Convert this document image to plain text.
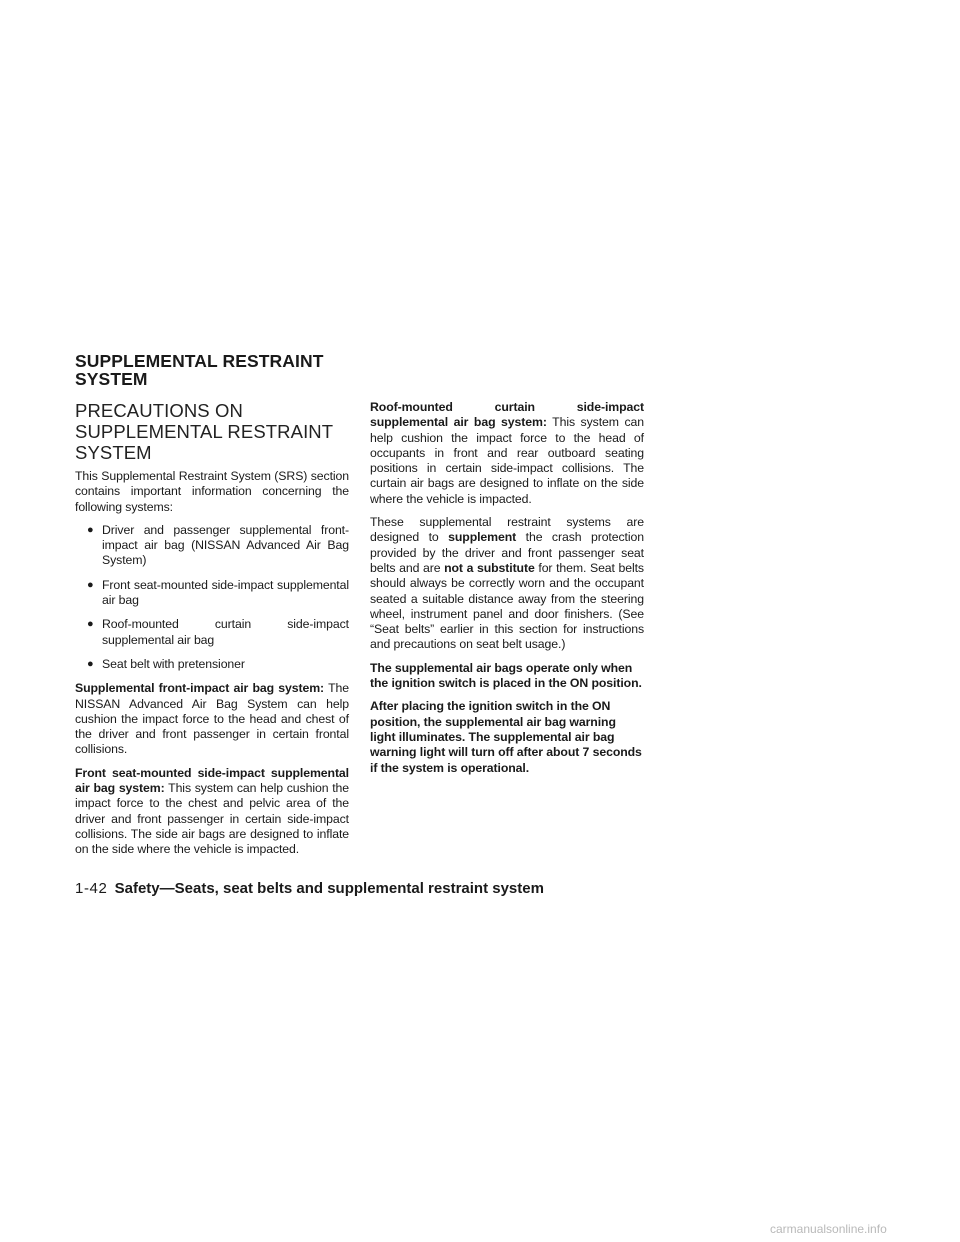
SUPPLEMENTAL RESTRAINT
SYSTEM
PRECAUTIONS ON
SUPPLEMENTAL RESTRAINT
SYSTEM

This Supplemental Restraint System (SRS) section contains important information concerning the following systems:

● Driver and passenger supplemental front-impact air bag (NISSAN Advanced Air Bag System)
● Front seat-mounted side-impact supplemental air bag
● Roof-mounted curtain side-impact supplemental air bag
● Seat belt with pretensioner

Supplemental front-impact air bag system: The NISSAN Advanced Air Bag System can help cushion the impact force to the head and chest of the driver and front passenger in certain frontal collisions.

Front seat-mounted side-impact supplemental air bag system: This system can help cushion the impact force to the chest and pelvic area of the driver and front passenger in certain side-impact collisions. The side air bags are designed to inflate on the side where the vehicle is impacted.

Roof-mounted curtain side-impact supplemental air bag system: This system can help cushion the impact force to the head of occupants in front and rear outboard seating positions in certain side-impact collisions. The curtain air bags are designed to inflate on the side where the vehicle is impacted.

These supplemental restraint systems are designed to supplement the crash protection provided by the driver and front passenger seat belts and are not a substitute for them. Seat belts should always be correctly worn and the occupant seated a suitable distance away from the steering wheel, instrument panel and door finishers. (See “Seat belts” earlier in this section for instructions and precautions on seat belt usage.)

The supplemental air bags operate only when the ignition switch is placed in the ON position.

After placing the ignition switch in the ON position, the supplemental air bag warning light illuminates. The supplemental air bag warning light will turn off after about 7 seconds if the system is operational.

1-42 Safety—Seats, seat belts and supplemental restraint system
carmanualsonline.info
